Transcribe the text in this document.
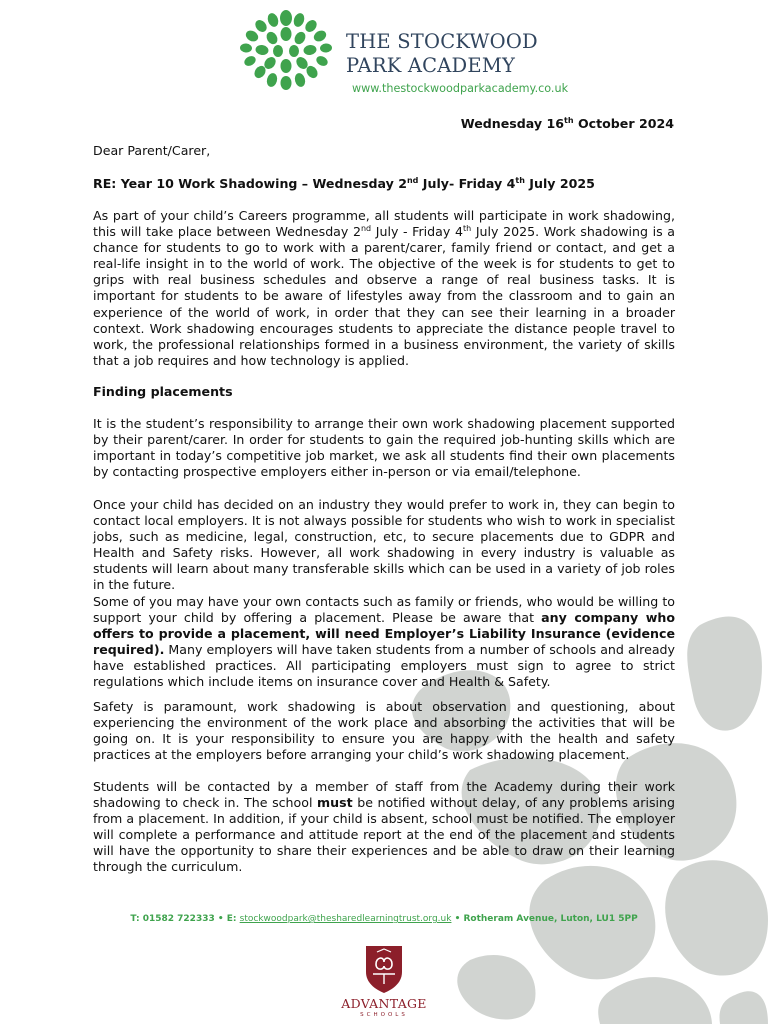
THE STOCKWOOD
PARK ACADEMY
www.thestockwoodparkacademy.co.uk
Wednesday 16th October 2024
Dear Parent/Carer,
RE: Year 10 Work Shadowing – Wednesday 2nd July- Friday 4th July 2025
As part of your child’s Careers programme, all students will participate in work shadowing, this will take place between Wednesday 2nd July - Friday 4th July 2025. Work shadowing is a chance for students to go to work with a parent/carer, family friend or contact, and get a real-life insight in to the world of work. The objective of the week is for students to get to grips with real business schedules and observe a range of real business tasks. It is important for students to be aware of lifestyles away from the classroom and to gain an experience of the world of work, in order that they can see their learning in a broader context. Work shadowing encourages students to appreciate the distance people travel to work, the professional relationships formed in a business environment, the variety of skills that a job requires and how technology is applied.
Finding placements
It is the student’s responsibility to arrange their own work shadowing placement supported by their parent/carer. In order for students to gain the required job-hunting skills which are important in today’s competitive job market, we ask all students find their own placements by contacting prospective employers either in-person or via email/telephone.
Once your child has decided on an industry they would prefer to work in, they can begin to contact local employers. It is not always possible for students who wish to work in specialist jobs, such as medicine, legal, construction, etc, to secure placements due to GDPR and Health and Safety risks. However, all work shadowing in every industry is valuable as students will learn about many transferable skills which can be used in a variety of job roles in the future.
Some of you may have your own contacts such as family or friends, who would be willing to support your child by offering a placement. Please be aware that any company who offers to provide a placement, will need Employer’s Liability Insurance (evidence required). Many employers will have taken students from a number of schools and already have established practices. All participating employers must sign to agree to strict regulations which include items on insurance cover and Health & Safety.
Safety is paramount, work shadowing is about observation and questioning, about experiencing the environment of the work place and absorbing the activities that will be going on. It is your responsibility to ensure you are happy with the health and safety practices at the employers before arranging your child’s work shadowing placement.
Students will be contacted by a member of staff from the Academy during their work shadowing to check in. The school must be notified without delay, of any problems arising from a placement. In addition, if your child is absent, school must be notified. The employer will complete a performance and attitude report at the end of the placement and students will have the opportunity to share their experiences and be able to draw on their learning through the curriculum.
T: 01582 722333 • E: stockwoodpark@thesharedlearningtrust.org.uk • Rotheram Avenue, Luton, LU1 5PP
ADVANTAGE
SCHOOLS
